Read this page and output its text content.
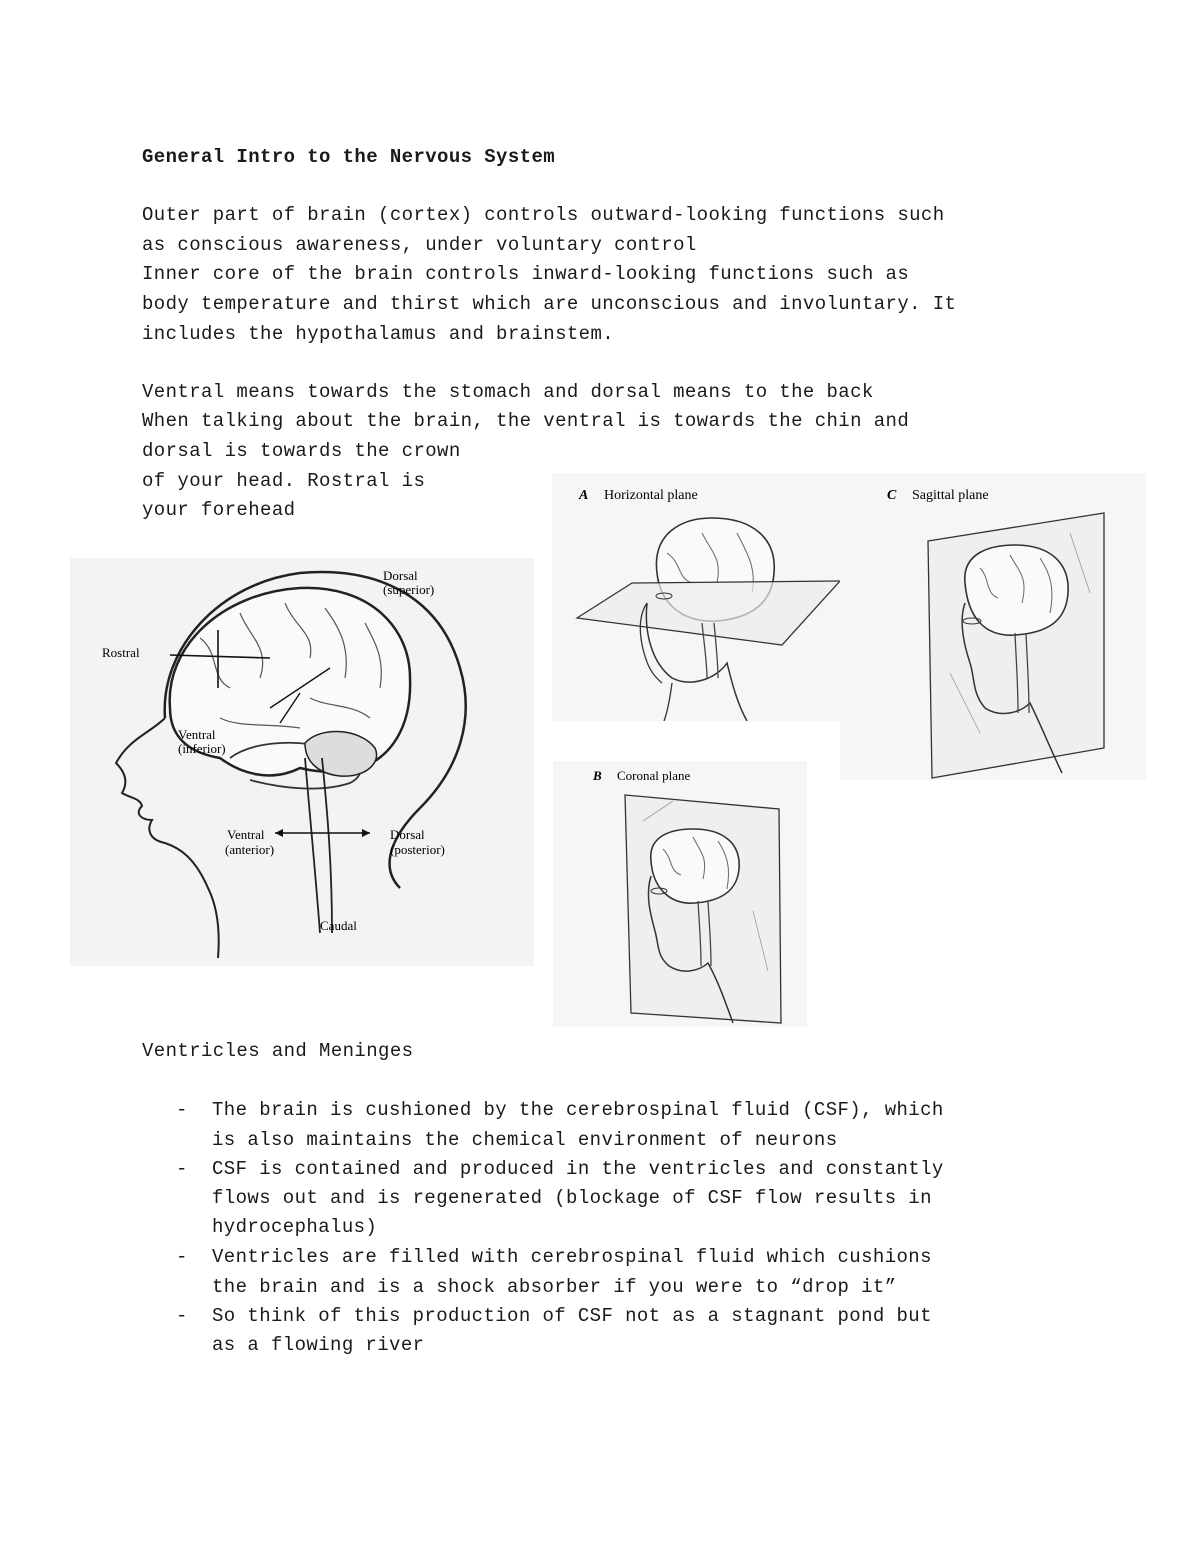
General Intro to the Nervous System

Outer part of brain (cortex) controls outward-looking functions such

as conscious awareness, under voluntary control

Inner core of the brain controls inward-looking functions such as

body temperature and thirst which are unconscious and involuntary. It

includes the hypothalamus and brainstem.

Ventral means towards the stomach and dorsal means to the back

When talking about the brain, the ventral is towards the chin and

dorsal is towards the crown

of your head. Rostral is

your forehead

Dorsal
(superior)
Rostral
Ventral
(inferior)
Ventral
(anterior)
Dorsal
(posterior)
Caudal
A Horizontal plane	C Sagittal plane
B Coronal plane

Ventricles and Meninges

- The brain is cushioned by the cerebrospinal fluid (CSF), which

is also maintains the chemical environment of neurons

- CSF is contained and produced in the ventricles and constantly

flows out and is regenerated (blockage of CSF flow results in

hydrocephalus)

- Ventricles are filled with cerebrospinal fluid which cushions

the brain and is a shock absorber if you were to “drop it”

- So think of this production of CSF not as a stagnant pond but

as a flowing river
